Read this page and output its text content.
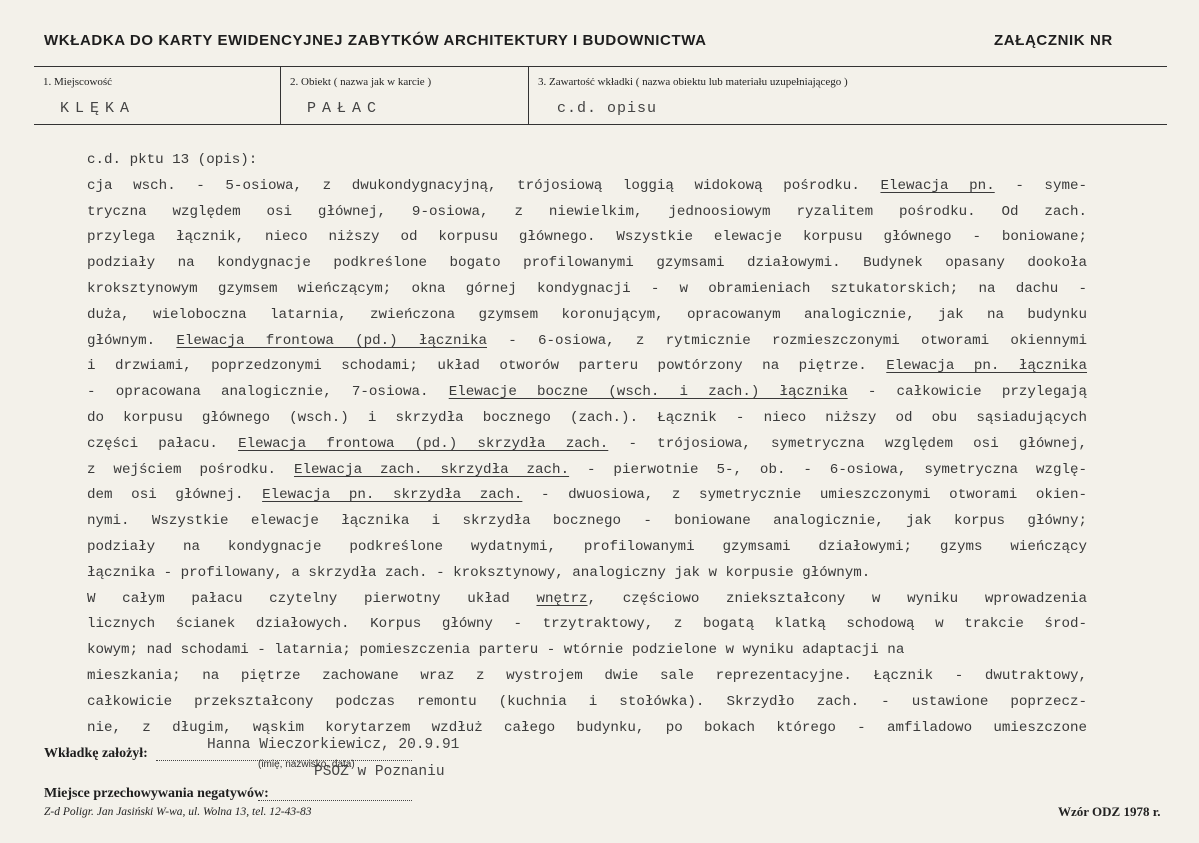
WKŁADKA DO KARTY EWIDENCYJNEJ ZABYTKÓW ARCHITEKTURY I BUDOWNICTWA	ZAŁĄCZNIK NR
1. Miejscowość
KLĘKA
2. Obiekt ( nazwa jak w karcie )
PAŁAC
3. Zawartość wkładki ( nazwa obiektu lub materiału uzupełniającego )
c.d. opisu
c.d. pktu 13 (opis):
cja wsch. - 5-osiowa, z dwukondygnacyjną, trójosiową loggią widokową pośrodku. Elewacja pn. - syme-
tryczna względem osi głównej, 9-osiowa, z niewielkim, jednoosiowym ryzalitem pośrodku. Od zach.
przylega łącznik, nieco niższy od korpusu głównego. Wszystkie elewacje korpusu głównego - boniowane;
podziały na kondygnacje podkreślone bogato profilowanymi gzymsami działowymi. Budynek opasany dookoła
kroksztynowym gzymsem wieńczącym; okna górnej kondygnacji - w obramieniach sztukatorskich; na dachu -
duża, wieloboczna latarnia, zwieńczona gzymsem koronującym, opracowanym analogicznie, jak na budynku
głównym. Elewacja frontowa (pd.) łącznika - 6-osiowa, z rytmicznie rozmieszczonymi otworami okiennymi
i drzwiami, poprzedzonymi schodami; układ otworów parteru powtórzony na piętrze. Elewacja pn. łącznika
- opracowana analogicznie, 7-osiowa. Elewacje boczne (wsch. i zach.) łącznika - całkowicie przylegają
do korpusu głównego (wsch.) i skrzydła bocznego (zach.). Łącznik - nieco niższy od obu sąsiadujących
części pałacu. Elewacja frontowa (pd.) skrzydła zach. - trójosiowa, symetryczna względem osi głównej,
z wejściem pośrodku. Elewacja zach. skrzydła zach. - pierwotnie 5-, ob. - 6-osiowa, symetryczna wzglę-
dem osi głównej. Elewacja pn. skrzydła zach. - dwuosiowa, z symetrycznie umieszczonymi otworami okien-
nymi. Wszystkie elewacje łącznika i skrzydła bocznego - boniowane analogicznie, jak korpus główny;
podziały na kondygnacje podkreślone wydatnymi, profilowanymi gzymsami działowymi; gzyms wieńczący
łącznika - profilowany, a skrzydła zach. - kroksztynowy, analogiczny jak w korpusie głównym.
W całym pałacu czytelny pierwotny układ wnętrz, częściowo zniekształcony w wyniku wprowadzenia
licznych ścianek działowych. Korpus główny - trzytraktowy, z bogatą klatką schodową w trakcie środ-
kowym; nad schodami - latarnia; pomieszczenia parteru - wtórnie podzielone w wyniku adaptacji na
mieszkania; na piętrze zachowane wraz z wystrojem dwie sale reprezentacyjne. Łącznik - dwutraktowy,
całkowicie przekształcony podczas remontu (kuchnia i stołówka). Skrzydło zach. - ustawione poprzecz-
nie, z długim, wąskim korytarzem wzdłuż całego budynku, po bokach którego - amfiladowo umieszczone
Wkładkę założył:
Hanna Wieczorkiewicz, 20.9.91
(imię, nazwisko, data)
Miejsce przechowywania negatywów:
PSOZ w Poznaniu
Z-d Poligr. Jan Jasiński W-wa, ul. Wolna 13, tel. 12-43-83	Wzór ODZ 1978 r.
